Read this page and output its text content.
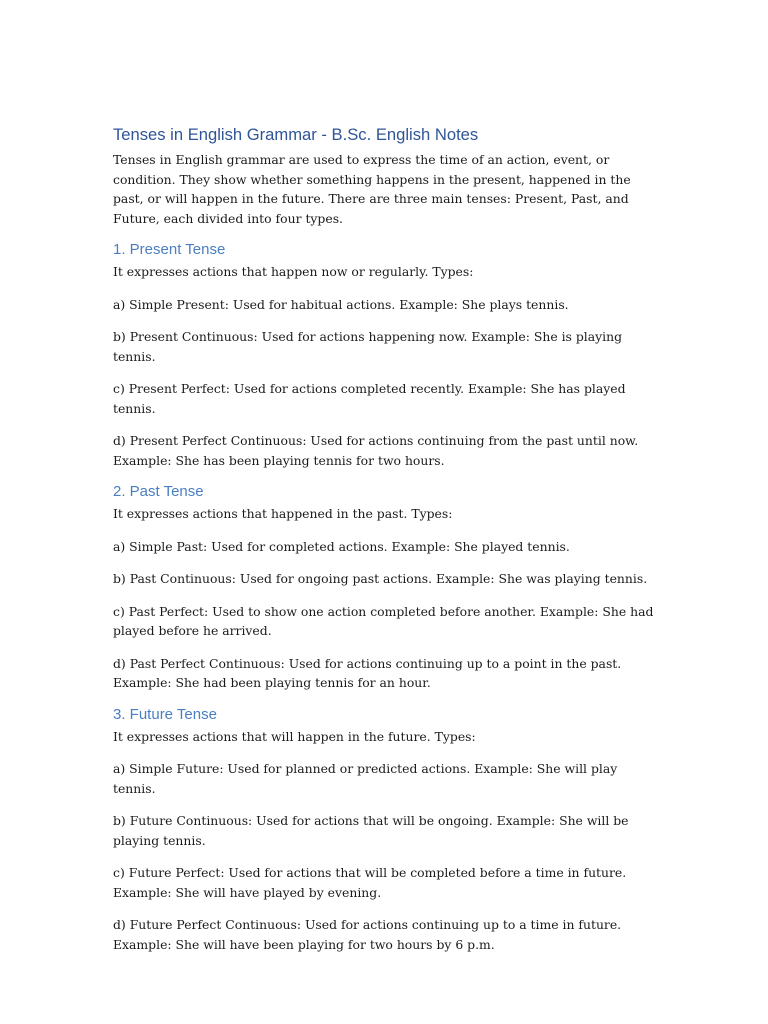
Tenses in English Grammar - B.Sc. English Notes

Tenses in English grammar are used to express the time of an action, event, or condition. They show whether something happens in the present, happened in the past, or will happen in the future. There are three main tenses: Present, Past, and Future, each divided into four types.

1. Present Tense

It expresses actions that happen now or regularly. Types:

a) Simple Present: Used for habitual actions. Example: She plays tennis.

b) Present Continuous: Used for actions happening now. Example: She is playing tennis.

c) Present Perfect: Used for actions completed recently. Example: She has played tennis.

d) Present Perfect Continuous: Used for actions continuing from the past until now. Example: She has been playing tennis for two hours.

2. Past Tense

It expresses actions that happened in the past. Types:

a) Simple Past: Used for completed actions. Example: She played tennis.

b) Past Continuous: Used for ongoing past actions. Example: She was playing tennis.

c) Past Perfect: Used to show one action completed before another. Example: She had played before he arrived.

d) Past Perfect Continuous: Used for actions continuing up to a point in the past. Example: She had been playing tennis for an hour.

3. Future Tense

It expresses actions that will happen in the future. Types:

a) Simple Future: Used for planned or predicted actions. Example: She will play tennis.

b) Future Continuous: Used for actions that will be ongoing. Example: She will be playing tennis.

c) Future Perfect: Used for actions that will be completed before a time in future. Example: She will have played by evening.

d) Future Perfect Continuous: Used for actions continuing up to a time in future. Example: She will have been playing for two hours by 6 p.m.
